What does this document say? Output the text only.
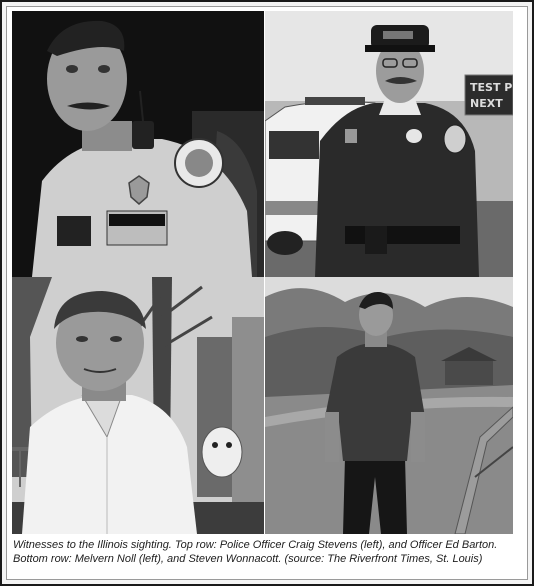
TEST P
NEXT
Witnesses to the Illinois sighting. Top row: Police Officer Craig Stevens (left), and Officer Ed Barton. Bottom row: Melvern Noll (left), and Steven Wonnacott. (source: The Riverfront Times, St. Louis)
